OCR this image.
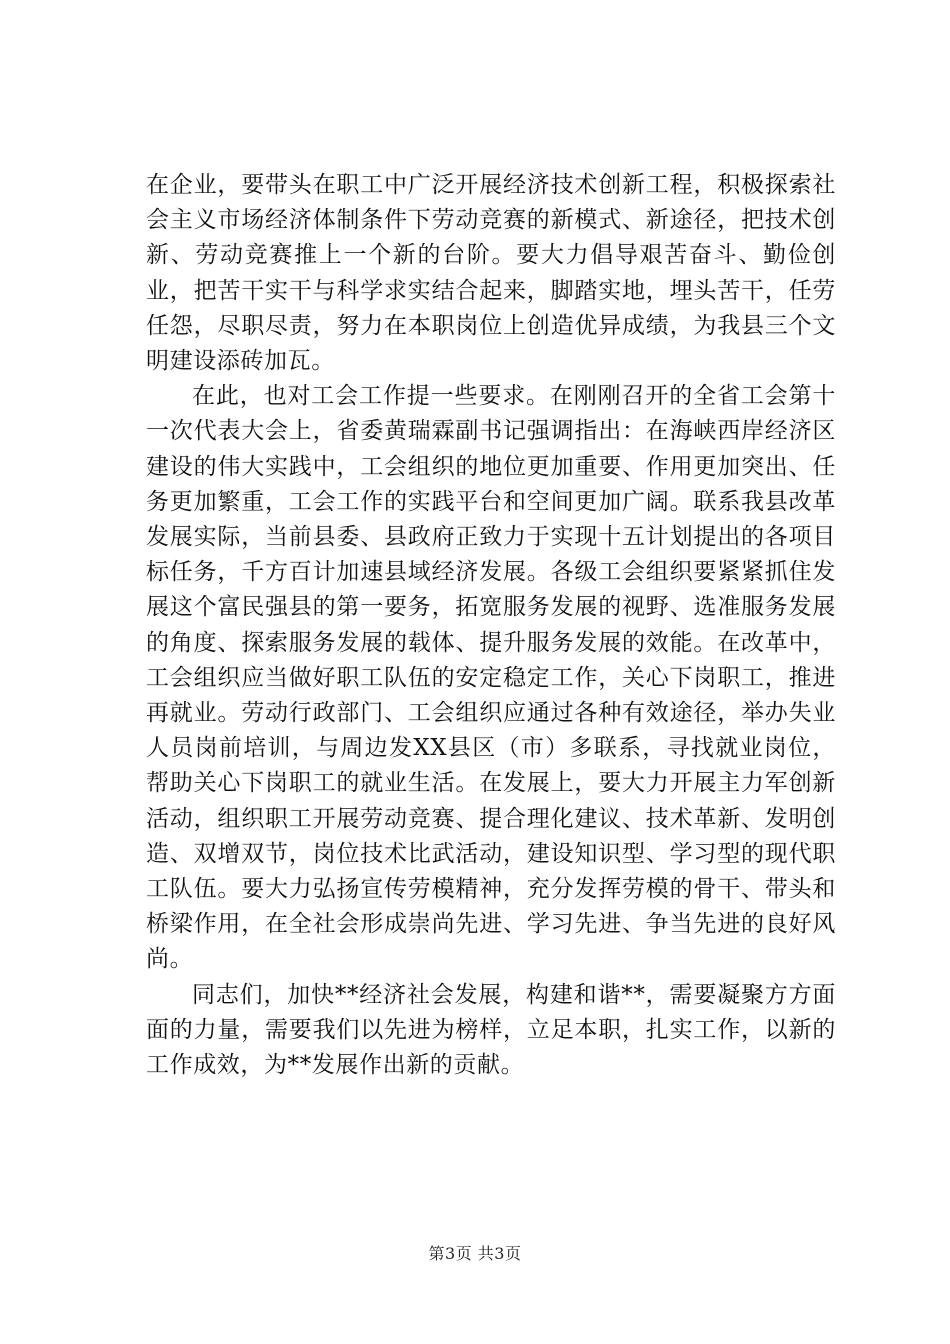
在企业，要带头在职工中广泛开展经济技术创新工程，积极探索社会主义市场经济体制条件下劳动竞赛的新模式、新途径，把技术创新、劳动竞赛推上一个新的台阶。要大力倡导艰苦奋斗、勤俭创业，把苦干实干与科学求实结合起来，脚踏实地，埋头苦干，任劳任怨，尽职尽责，努力在本职岗位上创造优异成绩，为我县三个文明建设添砖加瓦。

在此，也对工会工作提一些要求。在刚刚召开的全省工会第十一次代表大会上，省委黄瑞霖副书记强调指出：在海峡西岸经济区建设的伟大实践中，工会组织的地位更加重要、作用更加突出、任务更加繁重，工会工作的实践平台和空间更加广阔。联系我县改革发展实际，当前县委、县政府正致力于实现十五计划提出的各项目标任务，千方百计加速县域经济发展。各级工会组织要紧紧抓住发展这个富民强县的第一要务，拓宽服务发展的视野、选准服务发展的角度、探索服务发展的载体、提升服务发展的效能。在改革中，工会组织应当做好职工队伍的安定稳定工作，关心下岗职工，推进再就业。劳动行政部门、工会组织应通过各种有效途径，举办失业人员岗前培训，与周边发XX县区（市）多联系，寻找就业岗位，帮助关心下岗职工的就业生活。在发展上，要大力开展主力军创新活动，组织职工开展劳动竞赛、提合理化建议、技术革新、发明创造、双增双节，岗位技术比武活动，建设知识型、学习型的现代职工队伍。要大力弘扬宣传劳模精神，充分发挥劳模的骨干、带头和桥梁作用，在全社会形成崇尚先进、学习先进、争当先进的良好风尚。

同志们，加快**经济社会发展，构建和谐**，需要凝聚方方面面的力量，需要我们以先进为榜样，立足本职，扎实工作，以新的工作成效，为**发展作出新的贡献。

第3页 共3页
